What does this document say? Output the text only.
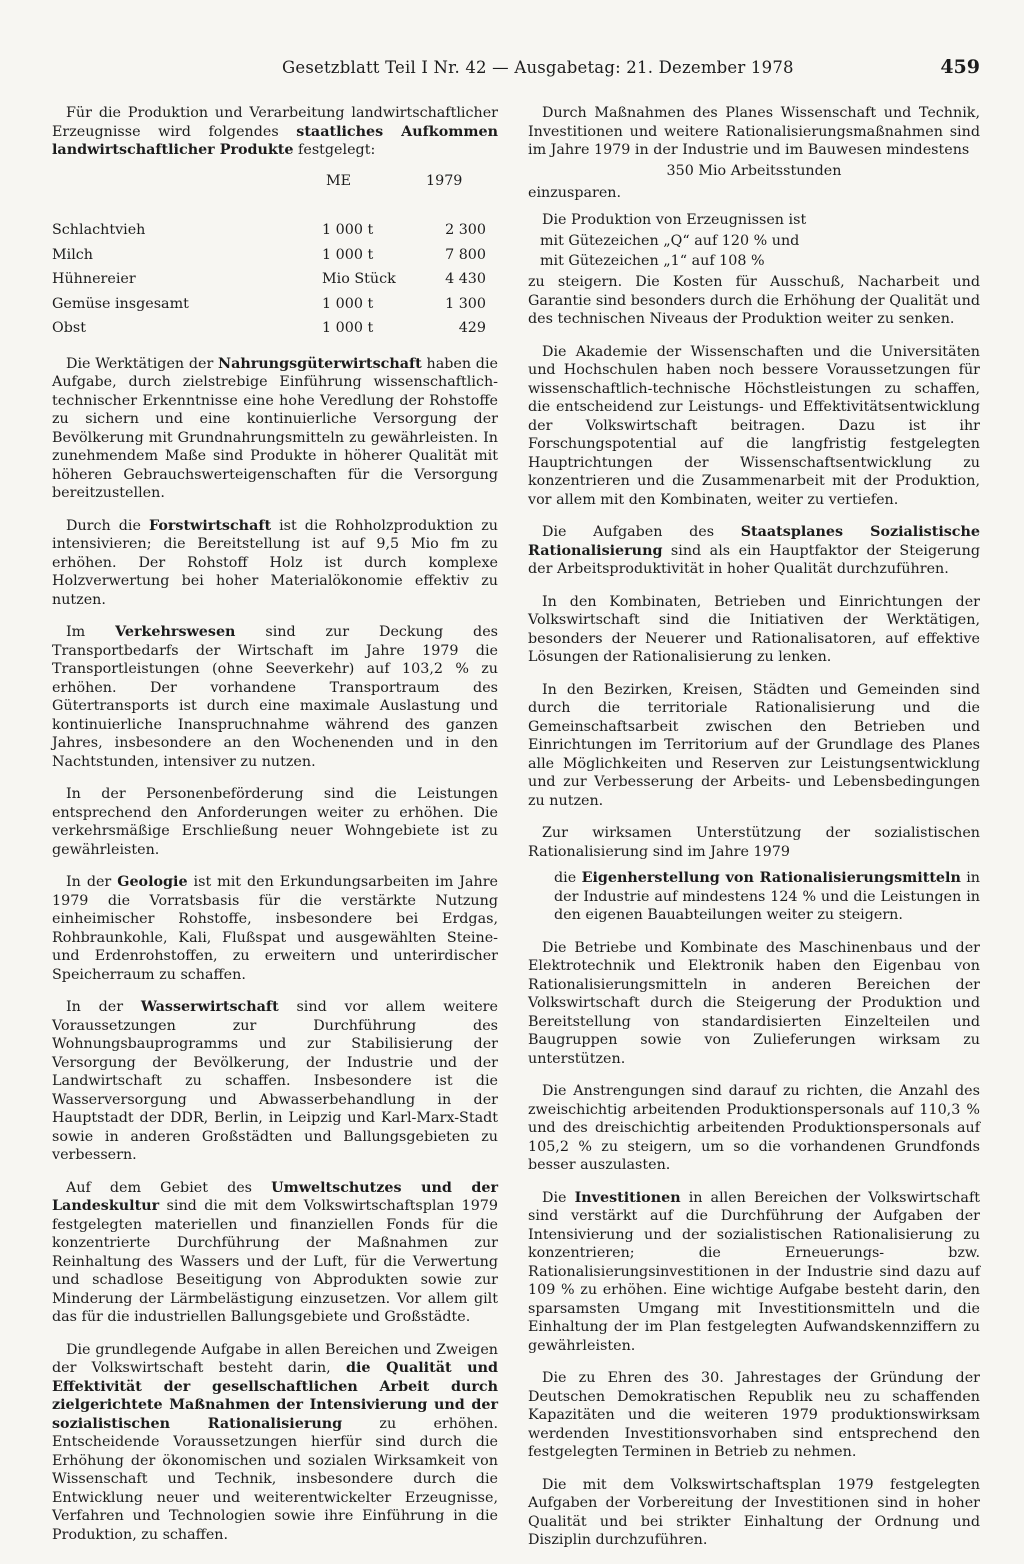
Gesetzblatt Teil I Nr. 42 — Ausgabetag: 21. Dezember 1978	459

Für die Produktion und Verarbeitung landwirtschaftlicher Erzeugnisse wird folgendes staatliches Aufkommen landwirtschaftlicher Produkte festgelegt:

	ME	1979
Schlachtvieh	1 000 t	2 300
Milch	1 000 t	7 800
Hühnereier	Mio Stück	4 430
Gemüse insgesamt	1 000 t	1 300
Obst	1 000 t	429

Die Werktätigen der Nahrungsgüterwirtschaft haben die Aufgabe, durch zielstrebige Einführung wissenschaftlich-technischer Erkenntnisse eine hohe Veredlung der Rohstoffe zu sichern und eine kontinuierliche Versorgung der Bevölkerung mit Grundnahrungsmitteln zu gewährleisten. In zunehmendem Maße sind Produkte in höherer Qualität mit höheren Gebrauchswerteigenschaften für die Versorgung bereitzustellen.

Durch die Forstwirtschaft ist die Rohholzproduktion zu intensivieren; die Bereitstellung ist auf 9,5 Mio fm zu erhöhen. Der Rohstoff Holz ist durch komplexe Holzverwertung bei hoher Materialökonomie effektiv zu nutzen.

Im Verkehrswesen sind zur Deckung des Transportbedarfs der Wirtschaft im Jahre 1979 die Transportleistungen (ohne Seeverkehr) auf 103,2 % zu erhöhen. Der vorhandene Transportraum des Gütertransports ist durch eine maximale Auslastung und kontinuierliche Inanspruchnahme während des ganzen Jahres, insbesondere an den Wochenenden und in den Nachtstunden, intensiver zu nutzen.

In der Personenbeförderung sind die Leistungen entsprechend den Anforderungen weiter zu erhöhen. Die verkehrsmäßige Erschließung neuer Wohngebiete ist zu gewährleisten.

In der Geologie ist mit den Erkundungsarbeiten im Jahre 1979 die Vorratsbasis für die verstärkte Nutzung einheimischer Rohstoffe, insbesondere bei Erdgas, Rohbraunkohle, Kali, Flußspat und ausgewählten Steine- und Erdenrohstoffen, zu erweitern und unterirdischer Speicherraum zu schaffen.

In der Wasserwirtschaft sind vor allem weitere Voraussetzungen zur Durchführung des Wohnungsbauprogramms und zur Stabilisierung der Versorgung der Bevölkerung, der Industrie und der Landwirtschaft zu schaffen. Insbesondere ist die Wasserversorgung und Abwasserbehandlung in der Hauptstadt der DDR, Berlin, in Leipzig und Karl-Marx-Stadt sowie in anderen Großstädten und Ballungsgebieten zu verbessern.

Auf dem Gebiet des Umweltschutzes und der Landeskultur sind die mit dem Volkswirtschaftsplan 1979 festgelegten materiellen und finanziellen Fonds für die konzentrierte Durchführung der Maßnahmen zur Reinhaltung des Wassers und der Luft, für die Verwertung und schadlose Beseitigung von Abprodukten sowie zur Minderung der Lärmbelästigung einzusetzen. Vor allem gilt das für die industriellen Ballungsgebiete und Großstädte.

Die grundlegende Aufgabe in allen Bereichen und Zweigen der Volkswirtschaft besteht darin, die Qualität und Effektivität der gesellschaftlichen Arbeit durch zielgerichtete Maßnahmen der Intensivierung und der sozialistischen Rationalisierung zu erhöhen. Entscheidende Voraussetzungen hierfür sind durch die Erhöhung der ökonomischen und sozialen Wirksamkeit von Wissenschaft und Technik, insbesondere durch die Entwicklung neuer und weiterentwickelter Erzeugnisse, Verfahren und Technologien sowie ihre Einführung in die Produktion, zu schaffen.

Durch Maßnahmen des Planes Wissenschaft und Technik, Investitionen und weitere Rationalisierungsmaßnahmen sind im Jahre 1979 in der Industrie und im Bauwesen mindestens

350 Mio Arbeitsstunden

einzusparen.

Die Produktion von Erzeugnissen ist

mit Gütezeichen „Q“ auf 120 % und
mit Gütezeichen „1“ auf 108 %

zu steigern. Die Kosten für Ausschuß, Nacharbeit und Garantie sind besonders durch die Erhöhung der Qualität und des technischen Niveaus der Produktion weiter zu senken.

Die Akademie der Wissenschaften und die Universitäten und Hochschulen haben noch bessere Voraussetzungen für wissenschaftlich-technische Höchstleistungen zu schaffen, die entscheidend zur Leistungs- und Effektivitätsentwicklung der Volkswirtschaft beitragen. Dazu ist ihr Forschungspotential auf die langfristig festgelegten Hauptrichtungen der Wissenschaftsentwicklung zu konzentrieren und die Zusammenarbeit mit der Produktion, vor allem mit den Kombinaten, weiter zu vertiefen.

Die Aufgaben des Staatsplanes Sozialistische Rationalisierung sind als ein Hauptfaktor der Steigerung der Arbeitsproduktivität in hoher Qualität durchzuführen.

In den Kombinaten, Betrieben und Einrichtungen der Volkswirtschaft sind die Initiativen der Werktätigen, besonders der Neuerer und Rationalisatoren, auf effektive Lösungen der Rationalisierung zu lenken.

In den Bezirken, Kreisen, Städten und Gemeinden sind durch die territoriale Rationalisierung und die Gemeinschaftsarbeit zwischen den Betrieben und Einrichtungen im Territorium auf der Grundlage des Planes alle Möglichkeiten und Reserven zur Leistungsentwicklung und zur Verbesserung der Arbeits- und Lebensbedingungen zu nutzen.

Zur wirksamen Unterstützung der sozialistischen Rationalisierung sind im Jahre 1979

die Eigenherstellung von Rationalisierungsmitteln in der Industrie auf mindestens 124 % und die Leistungen in den eigenen Bauabteilungen weiter zu steigern.

Die Betriebe und Kombinate des Maschinenbaus und der Elektrotechnik und Elektronik haben den Eigenbau von Rationalisierungsmitteln in anderen Bereichen der Volkswirtschaft durch die Steigerung der Produktion und Bereitstellung von standardisierten Einzelteilen und Baugruppen sowie von Zulieferungen wirksam zu unterstützen.

Die Anstrengungen sind darauf zu richten, die Anzahl des zweischichtig arbeitenden Produktionspersonals auf 110,3 % und des dreischichtig arbeitenden Produktionspersonals auf 105,2 % zu steigern, um so die vorhandenen Grundfonds besser auszulasten.

Die Investitionen in allen Bereichen der Volkswirtschaft sind verstärkt auf die Durchführung der Aufgaben der Intensivierung und der sozialistischen Rationalisierung zu konzentrieren; die Erneuerungs- bzw. Rationalisierungsinvestitionen in der Industrie sind dazu auf 109 % zu erhöhen. Eine wichtige Aufgabe besteht darin, den sparsamsten Umgang mit Investitionsmitteln und die Einhaltung der im Plan festgelegten Aufwandskennziffern zu gewährleisten.

Die zu Ehren des 30. Jahrestages der Gründung der Deutschen Demokratischen Republik neu zu schaffenden Kapazitäten und die weiteren 1979 produktionswirksam werdenden Investitionsvorhaben sind entsprechend den festgelegten Terminen in Betrieb zu nehmen.

Die mit dem Volkswirtschaftsplan 1979 festgelegten Aufgaben der Vorbereitung der Investitionen sind in hoher Qualität und bei strikter Einhaltung der Ordnung und Disziplin durchzuführen.
